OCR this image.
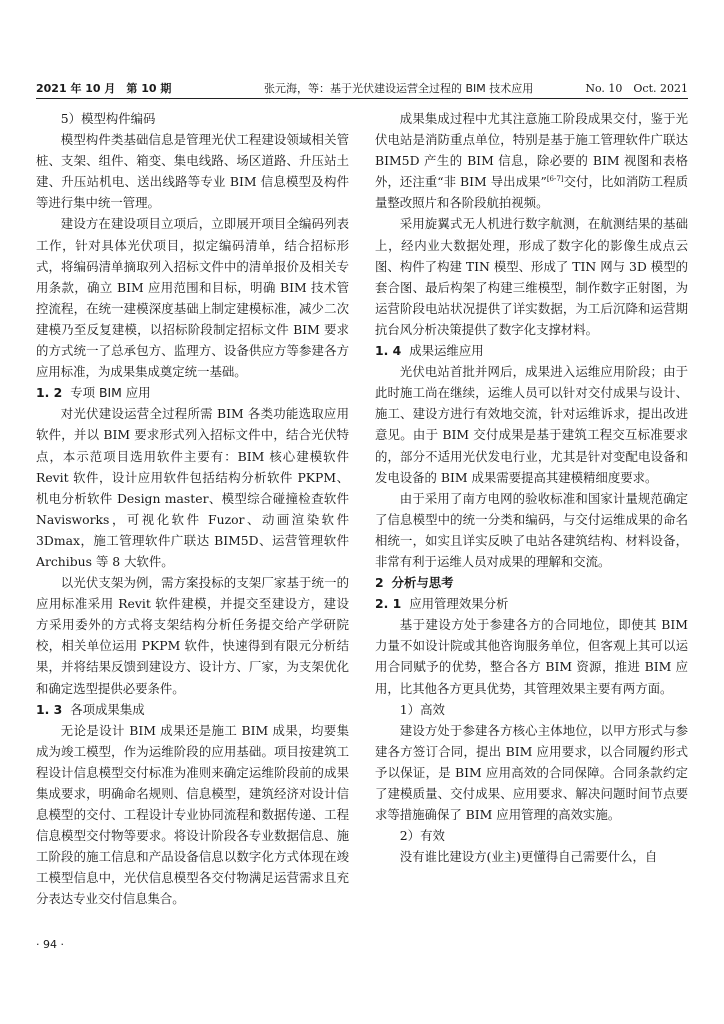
2021 年 10 月　第 10 期	张元海，等：基于光伏建设运营全过程的 BIM 技术应用	No. 10　Oct. 2021

5）模型构件编码

模型构件类基础信息是管理光伏工程建设领域相关管桩、支架、组件、箱变、集电线路、场区道路、升压站土建、升压站机电、送出线路等专业 BIM 信息模型及构件等进行集中统一管理。

建设方在建设项目立项后，立即展开项目全编码列表工作，针对具体光伏项目，拟定编码清单，结合招标形式，将编码清单摘取列入招标文件中的清单报价及相关专用条款，确立 BIM 应用范围和目标，明确 BIM 技术管控流程，在统一建模深度基础上制定建模标准，减少二次建模乃至反复建模，以招标阶段制定招标文件 BIM 要求的方式统一了总承包方、监理方、设备供应方等参建各方应用标准，为成果集成奠定统一基础。

1. 2 专项 BIM 应用

对光伏建设运营全过程所需 BIM 各类功能选取应用软件，并以 BIM 要求形式列入招标文件中，结合光伏特点，本示范项目选用软件主要有：BIM 核心建模软件 Revit 软件，设计应用软件包括结构分析软件 PKPM、机电分析软件 Design master、模型综合碰撞检查软件 Navisworks，可视化软件 Fuzor、动画渲染软件 3Dmax，施工管理软件广联达 BIM5D、运营管理软件 Archibus 等 8 大软件。

以光伏支架为例，需方案投标的支架厂家基于统一的应用标准采用 Revit 软件建模，并提交至建设方，建设方采用委外的方式将支架结构分析任务提交给产学研院校，相关单位运用 PKPM 软件，快速得到有限元分析结果，并将结果反馈到建设方、设计方、厂家，为支架优化和确定选型提供必要条件。

1. 3 各项成果集成

无论是设计 BIM 成果还是施工 BIM 成果，均要集成为竣工模型，作为运维阶段的应用基础。项目按建筑工程设计信息模型交付标准为准则来确定运维阶段前的成果集成要求，明确命名规则、信息模型，建筑经济对设计信息模型的交付、工程设计专业协同流程和数据传递、工程信息模型交付物等要求。将设计阶段各专业数据信息、施工阶段的施工信息和产品设备信息以数字化方式体现在竣工模型信息中，光伏信息模型各交付物满足运营需求且充分表达专业交付信息集合。

成果集成过程中尤其注意施工阶段成果交付，鉴于光伏电站是消防重点单位，特别是基于施工管理软件广联达 BIM5D 产生的 BIM 信息，除必要的 BIM 视图和表格外，还注重“非 BIM 导出成果”[6-7]交付，比如消防工程质量整改照片和各阶段航拍视频。

采用旋翼式无人机进行数字航测，在航测结果的基础上，经内业大数据处理，形成了数字化的影像生成点云图、构件了构建 TIN 模型、形成了 TIN 网与 3D 模型的套合图、最后构架了构建三维模型，制作数字正射图，为运营阶段电站状况提供了详实数据，为工后沉降和运营期抗台风分析决策提供了数字化支撑材料。

1. 4 成果运维应用

光伏电站首批并网后，成果进入运维应用阶段；由于此时施工尚在继续，运维人员可以针对交付成果与设计、施工、建设方进行有效地交流，针对运维诉求，提出改进意见。由于 BIM 交付成果是基于建筑工程交互标准要求的，部分不适用光伏发电行业，尤其是针对变配电设备和发电设备的 BIM 成果需要提高其建模精细度要求。

由于采用了南方电网的验收标准和国家计量规范确定了信息模型中的统一分类和编码，与交付运维成果的命名相统一，如实且详实反映了电站各建筑结构、材料设备，非常有利于运维人员对成果的理解和交流。

2 分析与思考
2. 1 应用管理效果分析

基于建设方处于参建各方的合同地位，即使其 BIM 力量不如设计院或其他咨询服务单位，但客观上其可以运用合同赋予的优势，整合各方 BIM 资源，推进 BIM 应用，比其他各方更具优势，其管理效果主要有两方面。

1）高效

建设方处于参建各方核心主体地位，以甲方形式与参建各方签订合同，提出 BIM 应用要求，以合同履约形式予以保证，是 BIM 应用高效的合同保障。合同条款约定了建模质量、交付成果、应用要求、解决问题时间节点要求等措施确保了 BIM 应用管理的高效实施。

2）有效

没有谁比建设方(业主)更懂得自己需要什么，自

· 94 ·
